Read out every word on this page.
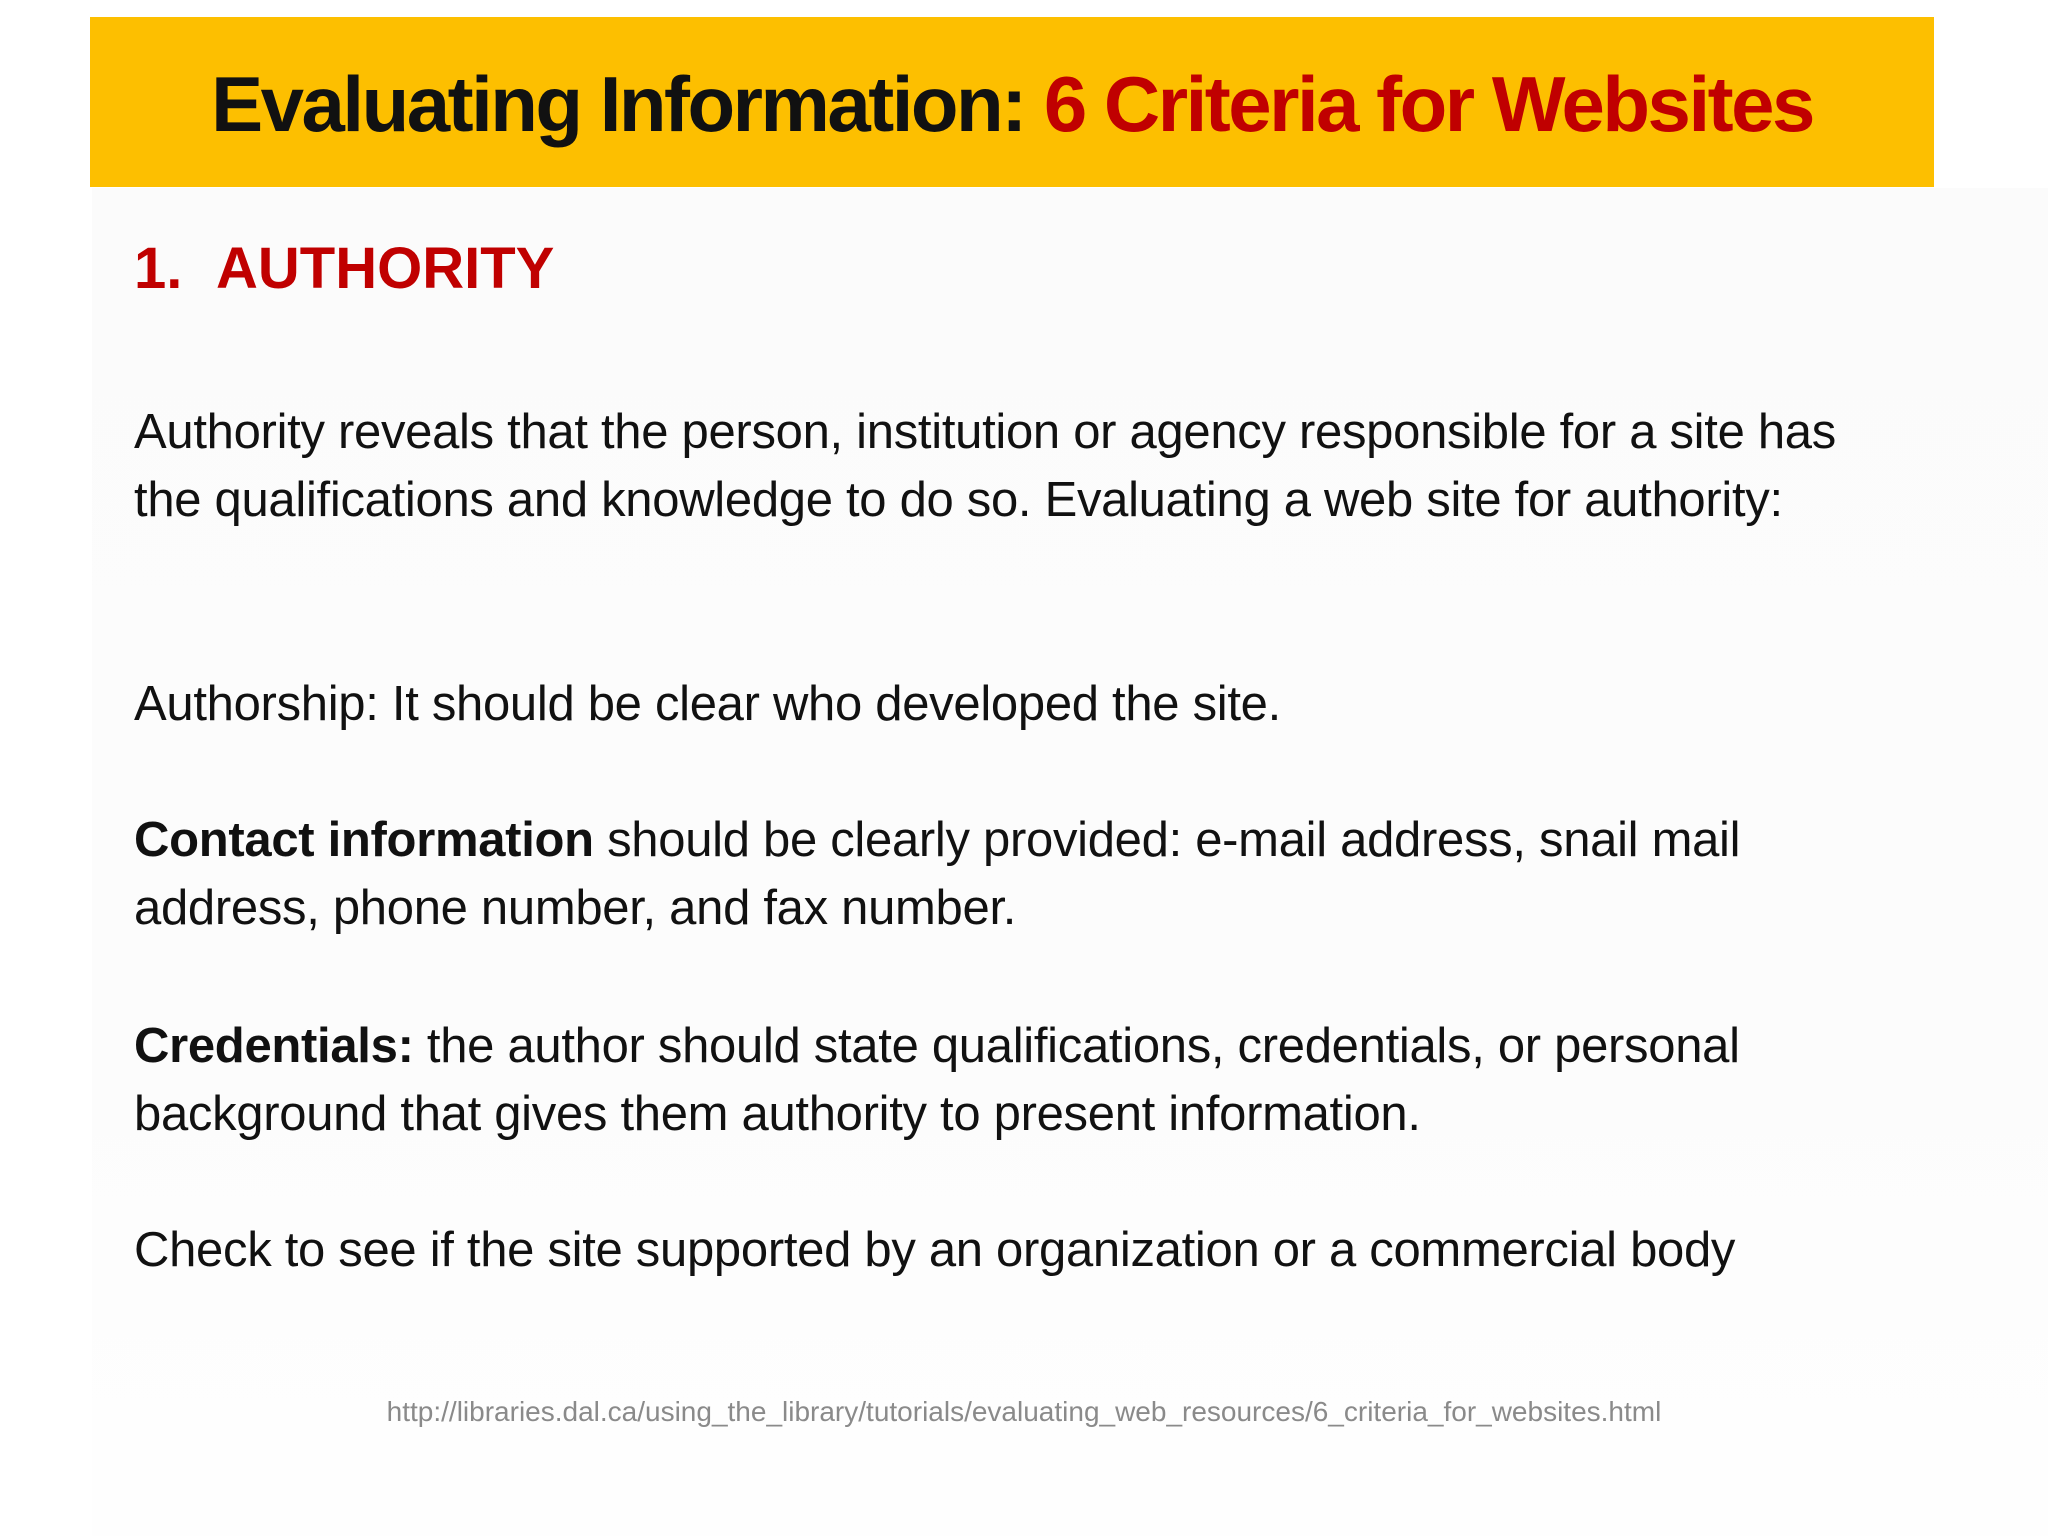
Evaluating Information: 6 Criteria for Websites
1. AUTHORITY
Authority reveals that the person, institution or agency responsible for a site has the qualifications and knowledge to do so. Evaluating a web site for authority:
Authorship: It should be clear who developed the site.
Contact information should be clearly provided: e-mail address, snail mail address, phone number, and fax number.
Credentials: the author should state qualifications, credentials, or personal background that gives them authority to present information.
Check to see if the site supported by an organization or a commercial body
http://libraries.dal.ca/using_the_library/tutorials/evaluating_web_resources/6_criteria_for_websites.html
